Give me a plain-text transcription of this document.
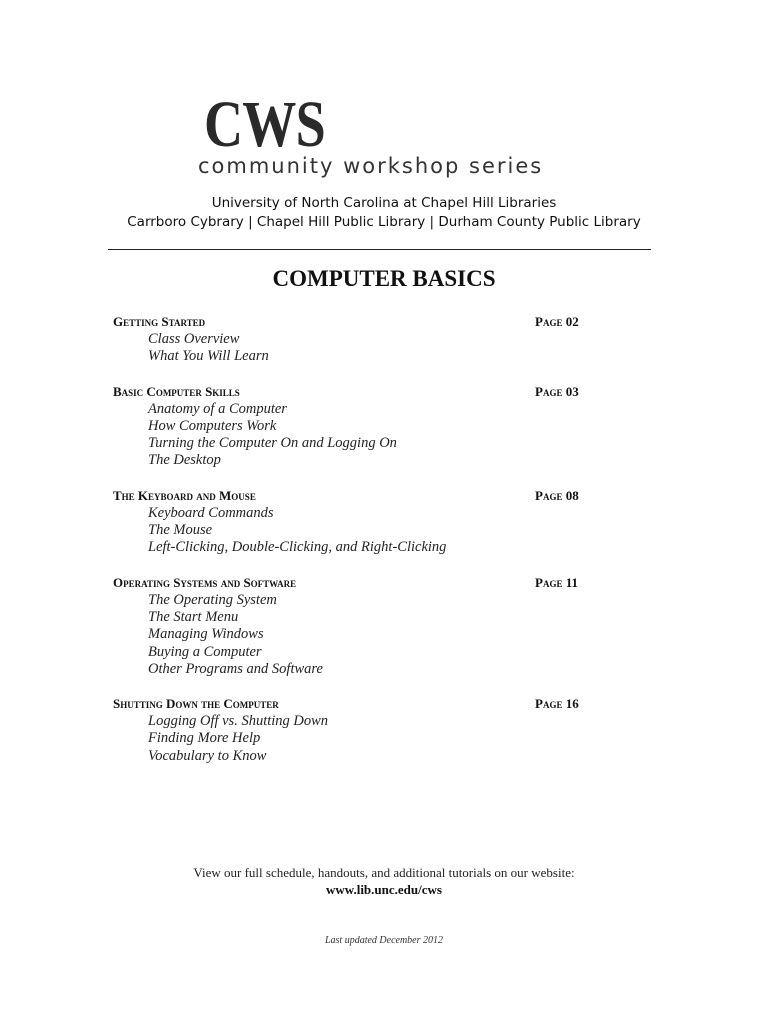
CWS
community workshop series
University of North Carolina at Chapel Hill Libraries
Carrboro Cybrary | Chapel Hill Public Library | Durham County Public Library
COMPUTER BASICS
Getting Started	Page 02
Class Overview
What You Will Learn
Basic Computer Skills	Page 03
Anatomy of a Computer
How Computers Work
Turning the Computer On and Logging On
The Desktop
The Keyboard and Mouse	Page 08
Keyboard Commands
The Mouse
Left-Clicking, Double-Clicking, and Right-Clicking
Operating Systems and Software	Page 11
The Operating System
The Start Menu
Managing Windows
Buying a Computer
Other Programs and Software
Shutting Down the Computer	Page 16
Logging Off vs. Shutting Down
Finding More Help
Vocabulary to Know
View our full schedule, handouts, and additional tutorials on our website:
www.lib.unc.edu/cws
Last updated December 2012
